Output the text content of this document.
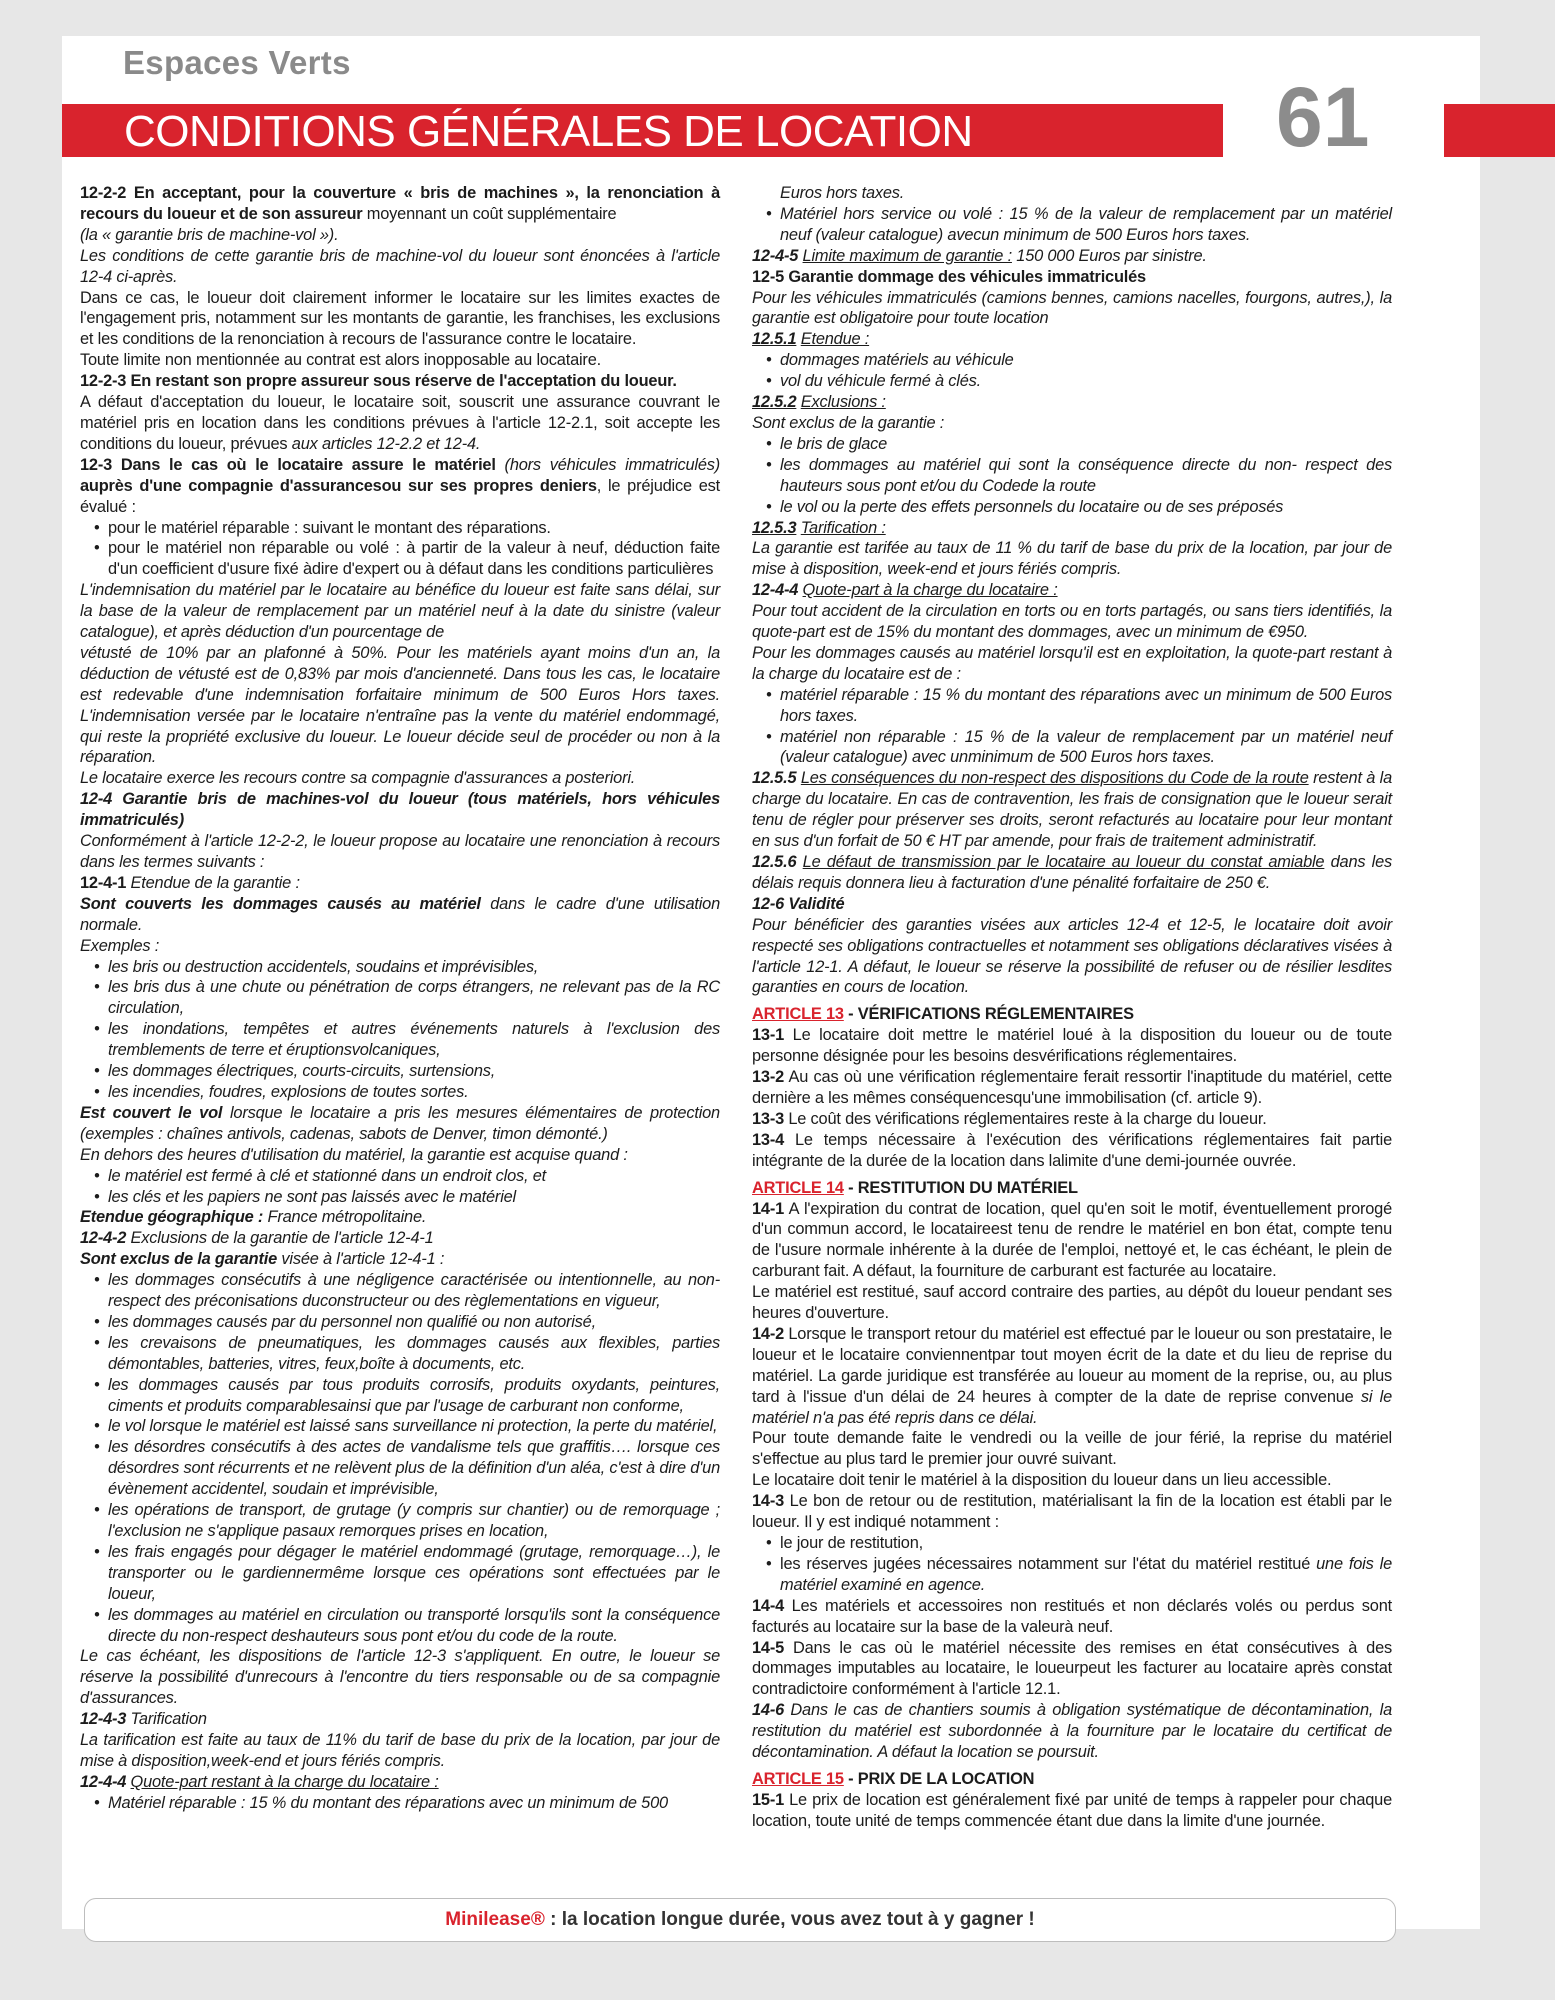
Espaces Verts
CONDITIONS GÉNÉRALES DE LOCATION	61

12-2-2 En acceptant, pour la couverture « bris de machines », la renonciation à recours du loueur et de son assureur moyennant un coût supplémentaire

(la « garantie bris de machine-vol »).

Les conditions de cette garantie bris de machine-vol du loueur sont énoncées à l'article 12-4 ci-après.

Dans ce cas, le loueur doit clairement informer le locataire sur les limites exactes de l'engagement pris, notamment sur les montants de garantie, les franchises, les exclusions et les conditions de la renonciation à recours de l'assurance contre le locataire.

Toute limite non mentionnée au contrat est alors inopposable au locataire.

12-2-3 En restant son propre assureur sous réserve de l'acceptation du loueur.

A défaut d'acceptation du loueur, le locataire soit, souscrit une assurance couvrant le matériel pris en location dans les conditions prévues à l'article 12-2.1, soit accepte les conditions du loueur, prévues aux articles 12-2.2 et 12-4.

12-3 Dans le cas où le locataire assure le matériel (hors véhicules immatriculés) auprès d'une compagnie d'assurancesou sur ses propres deniers, le préjudice est évalué :

• pour le matériel réparable : suivant le montant des réparations.

• pour le matériel non réparable ou volé : à partir de la valeur à neuf, déduction faite d'un coefficient d'usure fixé àdire d'expert ou à défaut dans les conditions particulières

L'indemnisation du matériel par le locataire au bénéfice du loueur est faite sans délai, sur la base de la valeur de remplacement par un matériel neuf à la date du sinistre (valeur catalogue), et après déduction d'un pourcentage de

vétusté de 10% par an plafonné à 50%. Pour les matériels ayant moins d'un an, la déduction de vétusté est de 0,83% par mois d'ancienneté. Dans tous les cas, le locataire est redevable d'une indemnisation forfaitaire minimum de 500 Euros Hors taxes. L'indemnisation versée par le locataire n'entraîne pas la vente du matériel endommagé, qui reste la propriété exclusive du loueur. Le loueur décide seul de procéder ou non à la réparation.

Le locataire exerce les recours contre sa compagnie d'assurances a posteriori.

12-4 Garantie bris de machines-vol du loueur (tous matériels, hors véhicules immatriculés)

Conformément à l'article 12-2-2, le loueur propose au locataire une renonciation à recours dans les termes suivants :

12-4-1 Etendue de la garantie :

Sont couverts les dommages causés au matériel dans le cadre d'une utilisation normale.

Exemples :

• les bris ou destruction accidentels, soudains et imprévisibles,

• les bris dus à une chute ou pénétration de corps étrangers, ne relevant pas de la RC circulation,

• les inondations, tempêtes et autres événements naturels à l'exclusion des tremblements de terre et éruptionsvolcaniques,

• les dommages électriques, courts-circuits, surtensions,

• les incendies, foudres, explosions de toutes sortes.

Est couvert le vol lorsque le locataire a pris les mesures élémentaires de protection (exemples : chaînes antivols, cadenas, sabots de Denver, timon démonté.)

En dehors des heures d'utilisation du matériel, la garantie est acquise quand :

• le matériel est fermé à clé et stationné dans un endroit clos, et

• les clés et les papiers ne sont pas laissés avec le matériel

Etendue géographique : France métropolitaine.

12-4-2 Exclusions de la garantie de l'article 12-4-1

Sont exclus de la garantie visée à l'article 12-4-1 :

• les dommages consécutifs à une négligence caractérisée ou intentionnelle, au non-respect des préconisations duconstructeur ou des règlementations en vigueur,

• les dommages causés par du personnel non qualifié ou non autorisé,

• les crevaisons de pneumatiques, les dommages causés aux flexibles, parties démontables, batteries, vitres, feux,boîte à documents, etc.

• les dommages causés par tous produits corrosifs, produits oxydants, peintures, ciments et produits comparablesainsi que par l'usage de carburant non conforme,

• le vol lorsque le matériel est laissé sans surveillance ni protection, la perte du matériel,

• les désordres consécutifs à des actes de vandalisme tels que graffitis…. lorsque ces désordres sont récurrents et ne relèvent plus de la définition d'un aléa, c'est à dire d'un évènement accidentel, soudain et imprévisible,

• les opérations de transport, de grutage (y compris sur chantier) ou de remorquage ; l'exclusion ne s'applique pasaux remorques prises en location,

• les frais engagés pour dégager le matériel endommagé (grutage, remorquage…), le transporter ou le gardiennermême lorsque ces opérations sont effectuées par le loueur,

• les dommages au matériel en circulation ou transporté lorsqu'ils sont la conséquence directe du non-respect deshauteurs sous pont et/ou du code de la route.

Le cas échéant, les dispositions de l'article 12-3 s'appliquent. En outre, le loueur se réserve la possibilité d'unrecours à l'encontre du tiers responsable ou de sa compagnie d'assurances.

12-4-3 Tarification

La tarification est faite au taux de 11% du tarif de base du prix de la location, par jour de mise à disposition,week-end et jours fériés compris.

12-4-4 Quote-part restant à la charge du locataire :

• Matériel réparable : 15 % du montant des réparations avec un minimum de 500

Euros hors taxes.

• Matériel hors service ou volé : 15 % de la valeur de remplacement par un matériel neuf (valeur catalogue) avecun minimum de 500 Euros hors taxes.

12-4-5 Limite maximum de garantie : 150 000 Euros par sinistre.

12-5 Garantie dommage des véhicules immatriculés

Pour les véhicules immatriculés (camions bennes, camions nacelles, fourgons, autres,), la garantie est obligatoire pour toute location

12.5.1 Etendue :

• dommages matériels au véhicule

• vol du véhicule fermé à clés.

12.5.2 Exclusions :

Sont exclus de la garantie :

• le bris de glace

• les dommages au matériel qui sont la conséquence directe du non- respect des hauteurs sous pont et/ou du Codede la route

• le vol ou la perte des effets personnels du locataire ou de ses préposés

12.5.3 Tarification :

La garantie est tarifée au taux de 11 % du tarif de base du prix de la location, par jour de mise à disposition, week-end et jours fériés compris.

12-4-4 Quote-part à la charge du locataire :

Pour tout accident de la circulation en torts ou en torts partagés, ou sans tiers identifiés, la quote-part est de 15% du montant des dommages, avec un minimum de €950.

Pour les dommages causés au matériel lorsqu'il est en exploitation, la quote-part restant à la charge du locataire est de :

• matériel réparable : 15 % du montant des réparations avec un minimum de 500 Euros hors taxes.

• matériel non réparable : 15 % de la valeur de remplacement par un matériel neuf (valeur catalogue) avec unminimum de 500 Euros hors taxes.

12.5.5 Les conséquences du non-respect des dispositions du Code de la route restent à la charge du locataire. En cas de contravention, les frais de consignation que le loueur serait tenu de régler pour préserver ses droits, seront refacturés au locataire pour leur montant en sus d'un forfait de 50 € HT par amende, pour frais de traitement administratif.

12.5.6 Le défaut de transmission par le locataire au loueur du constat amiable dans les délais requis donnera lieu à facturation d'une pénalité forfaitaire de 250 €.

12-6 Validité

Pour bénéficier des garanties visées aux articles 12-4 et 12-5, le locataire doit avoir respecté ses obligations contractuelles et notamment ses obligations déclaratives visées à l'article 12-1. A défaut, le loueur se réserve la possibilité de refuser ou de résilier lesdites garanties en cours de location.

ARTICLE 13 - VÉRIFICATIONS RÉGLEMENTAIRES

13-1 Le locataire doit mettre le matériel loué à la disposition du loueur ou de toute personne désignée pour les besoins desvérifications réglementaires.

13-2 Au cas où une vérification réglementaire ferait ressortir l'inaptitude du matériel, cette dernière a les mêmes conséquencesqu'une immobilisation (cf. article 9).

13-3 Le coût des vérifications réglementaires reste à la charge du loueur.

13-4 Le temps nécessaire à l'exécution des vérifications réglementaires fait partie intégrante de la durée de la location dans lalimite d'une demi-journée ouvrée.

ARTICLE 14 - RESTITUTION DU MATÉRIEL

14-1 A l'expiration du contrat de location, quel qu'en soit le motif, éventuellement prorogé d'un commun accord, le locataireest tenu de rendre le matériel en bon état, compte tenu de l'usure normale inhérente à la durée de l'emploi, nettoyé et, le cas échéant, le plein de carburant fait. A défaut, la fourniture de carburant est facturée au locataire.

Le matériel est restitué, sauf accord contraire des parties, au dépôt du loueur pendant ses heures d'ouverture.

14-2 Lorsque le transport retour du matériel est effectué par le loueur ou son prestataire, le loueur et le locataire conviennentpar tout moyen écrit de la date et du lieu de reprise du matériel. La garde juridique est transférée au loueur au moment de la reprise, ou, au plus tard à l'issue d'un délai de 24 heures à compter de la date de reprise convenue si le matériel n'a pas été repris dans ce délai.

Pour toute demande faite le vendredi ou la veille de jour férié, la reprise du matériel s'effectue au plus tard le premier jour ouvré suivant.

Le locataire doit tenir le matériel à la disposition du loueur dans un lieu accessible.

14-3 Le bon de retour ou de restitution, matérialisant la fin de la location est établi par le loueur. Il y est indiqué notamment :

• le jour de restitution,

• les réserves jugées nécessaires notamment sur l'état du matériel restitué une fois le matériel examiné en agence.

14-4 Les matériels et accessoires non restitués et non déclarés volés ou perdus sont facturés au locataire sur la base de la valeurà neuf.

14-5 Dans le cas où le matériel nécessite des remises en état consécutives à des dommages imputables au locataire, le loueurpeut les facturer au locataire après constat contradictoire conformément à l'article 12.1.

14-6 Dans le cas de chantiers soumis à obligation systématique de décontamination, la restitution du matériel est subordonnée à la fourniture par le locataire du certificat de décontamination. A défaut la location se poursuit.

ARTICLE 15 - PRIX DE LA LOCATION

15-1 Le prix de location est généralement fixé par unité de temps à rappeler pour chaque location, toute unité de temps commencée étant due dans la limite d'une journée.

Minilease® : la location longue durée, vous avez tout à y gagner !
